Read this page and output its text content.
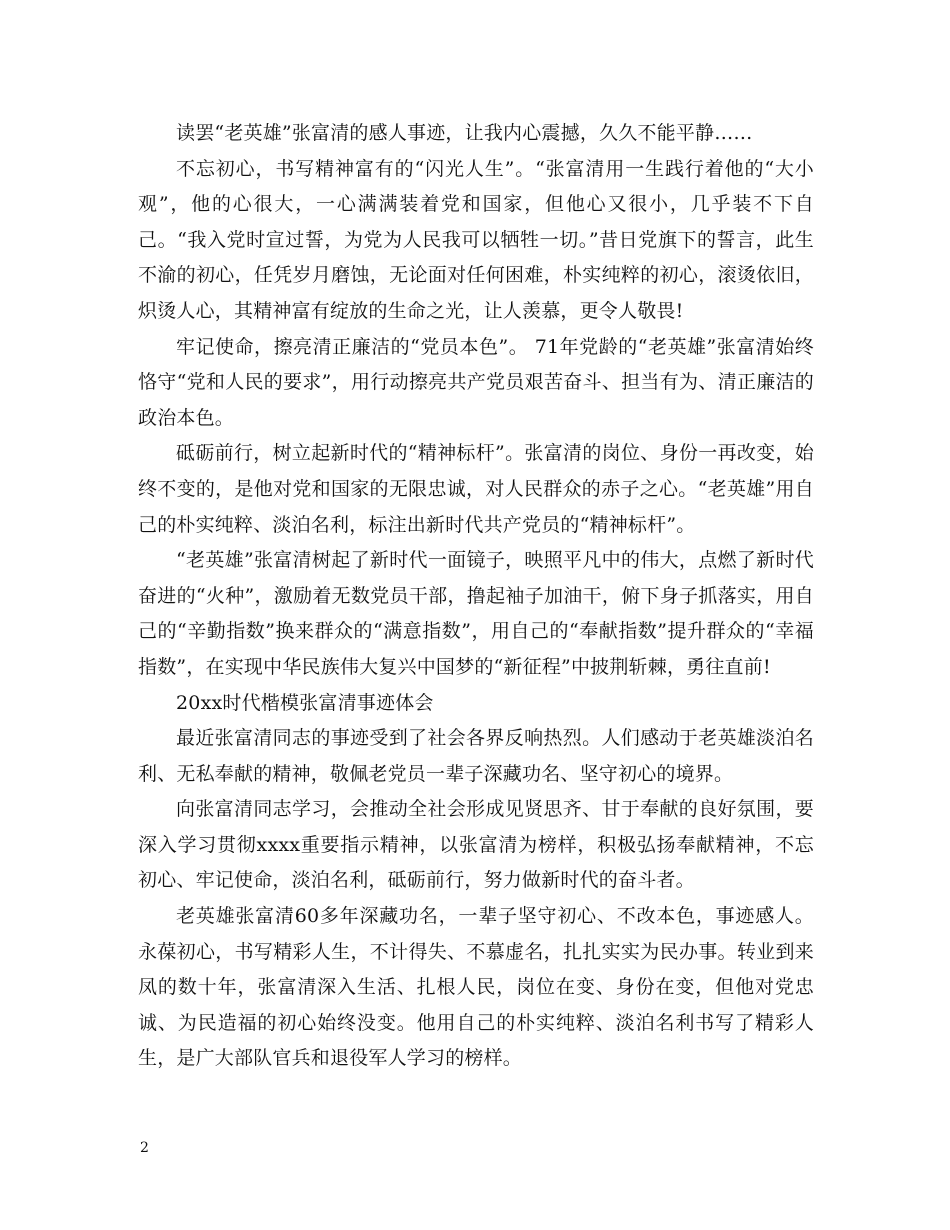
读罢“老英雄”张富清的感人事迹，让我内心震撼，久久不能平静……

不忘初心，书写精神富有的“闪光人生”。“张富清用一生践行着他的“大小观”，他的心很大，一心满满装着党和国家，但他心又很小，几乎装不下自己。“我入党时宣过誓，为党为人民我可以牺牲一切。”昔日党旗下的誓言，此生不渝的初心，任凭岁月磨蚀，无论面对任何困难，朴实纯粹的初心，滚烫依旧，炽烫人心，其精神富有绽放的生命之光，让人羡慕，更令人敬畏!

牢记使命，擦亮清正廉洁的“党员本色”。 71年党龄的“老英雄”张富清始终恪守“党和人民的要求”，用行动擦亮共产党员艰苦奋斗、担当有为、清正廉洁的政治本色。

砥砺前行，树立起新时代的“精神标杆”。张富清的岗位、身份一再改变，始终不变的，是他对党和国家的无限忠诚，对人民群众的赤子之心。“老英雄”用自己的朴实纯粹、淡泊名利，标注出新时代共产党员的“精神标杆”。

“老英雄”张富清树起了新时代一面镜子，映照平凡中的伟大，点燃了新时代奋进的“火种”，激励着无数党员干部，撸起袖子加油干，俯下身子抓落实，用自己的“辛勤指数”换来群众的“满意指数”，用自己的“奉献指数”提升群众的“幸福指数”，在实现中华民族伟大复兴中国梦的“新征程”中披荆斩棘，勇往直前!

20xx时代楷模张富清事迹体会

最近张富清同志的事迹受到了社会各界反响热烈。人们感动于老英雄淡泊名利、无私奉献的精神，敬佩老党员一辈子深藏功名、坚守初心的境界。

向张富清同志学习，会推动全社会形成见贤思齐、甘于奉献的良好氛围，要深入学习贯彻xxxx重要指示精神，以张富清为榜样，积极弘扬奉献精神，不忘初心、牢记使命，淡泊名利，砥砺前行，努力做新时代的奋斗者。

老英雄张富清60多年深藏功名，一辈子坚守初心、不改本色，事迹感人。永葆初心，书写精彩人生，不计得失、不慕虚名，扎扎实实为民办事。转业到来凤的数十年，张富清深入生活、扎根人民，岗位在变、身份在变，但他对党忠诚、为民造福的初心始终没变。他用自己的朴实纯粹、淡泊名利书写了精彩人生，是广大部队官兵和退役军人学习的榜样。

2
